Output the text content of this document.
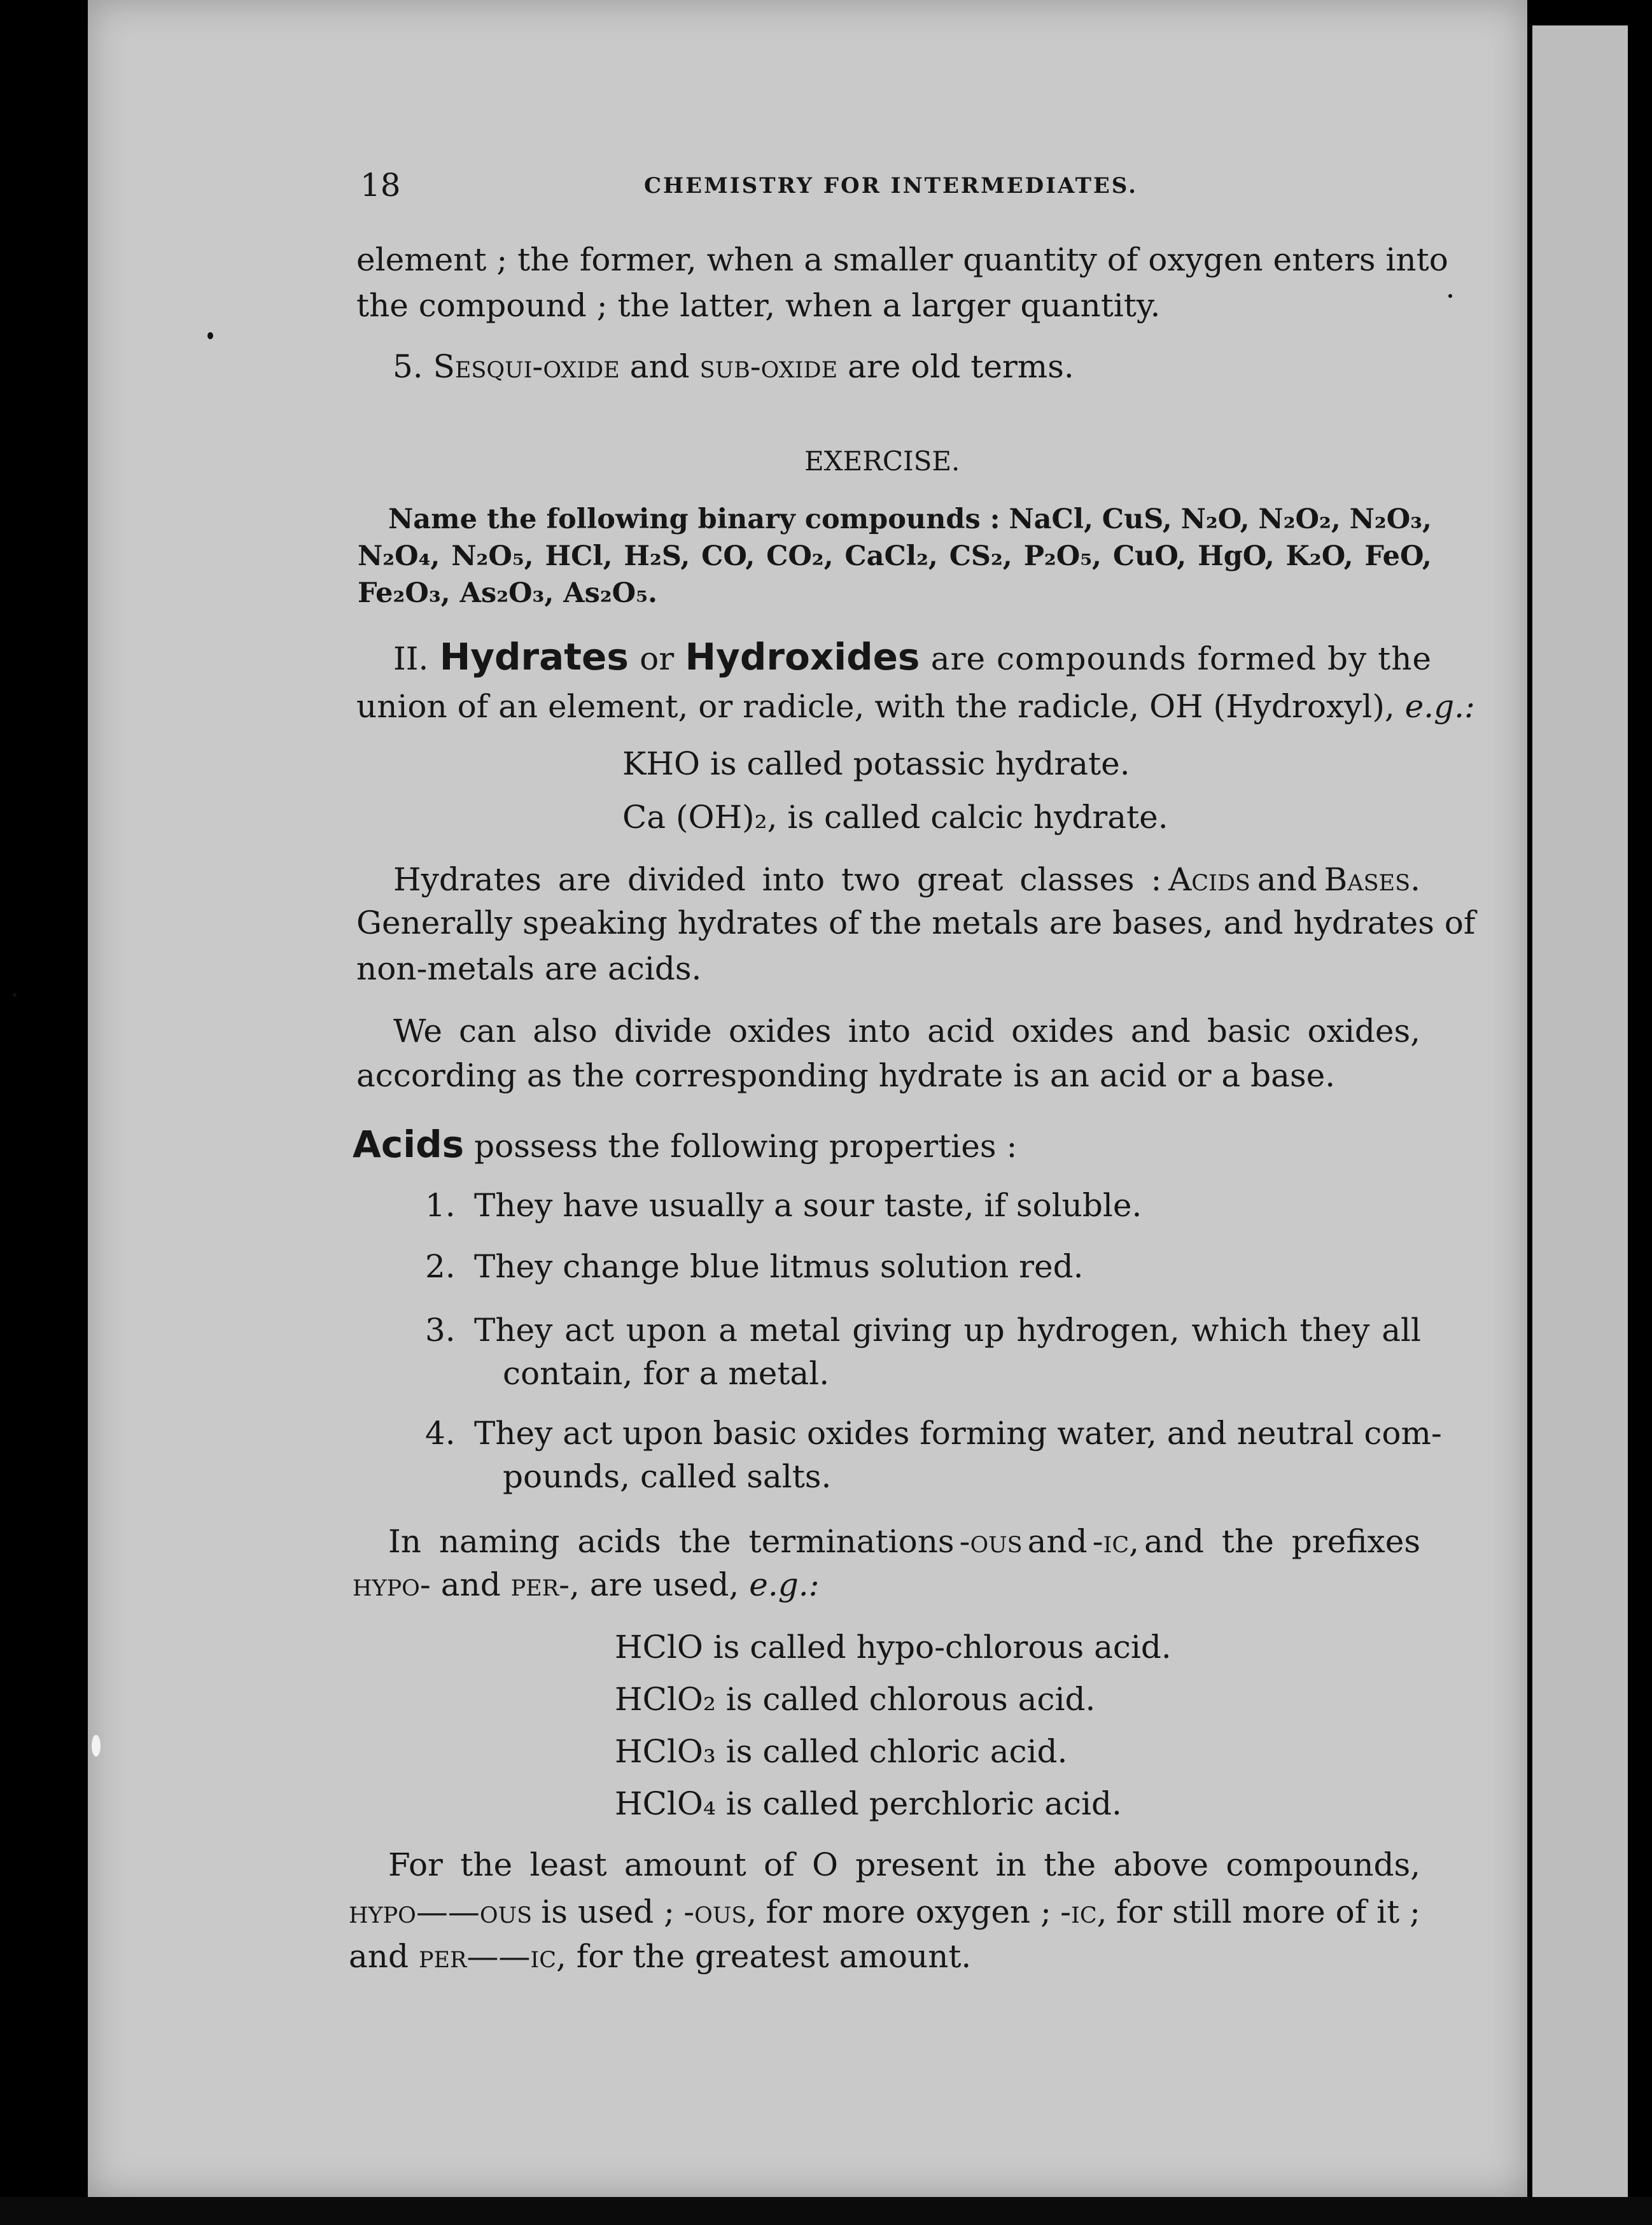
18	CHEMISTRY FOR INTERMEDIATES.
element ; the former, when a smaller quantity of oxygen enters into
the compound ; the latter, when a larger quantity.
5. Sesqui-oxide and sub-oxide are old terms.
EXERCISE.
Name the following binary compounds : NaCl, CuS, N₂O, N₂O₂, N₂O₃,
N₂O₄, N₂O₅, HCl, H₂S, CO, CO₂, CaCl₂, CS₂, P₂O₅, CuO, HgO, K₂O, FeO,
Fe₂O₃, As₂O₃, As₂O₅.
II. Hydrates or Hydroxides are compounds formed by the
union of an element, or radicle, with the radicle, OH (Hydroxyl), e.g.:
KHO is called potassic hydrate.
Ca (OH)₂, is called calcic hydrate.
Hydrates are divided into two great classes : Acids and Bases.
Generally speaking hydrates of the metals are bases, and hydrates of
non-metals are acids.
We can also divide oxides into acid oxides and basic oxides,
according as the corresponding hydrate is an acid or a base.
Acids possess the following properties :
1. They have usually a sour taste, if soluble.
2. They change blue litmus solution red.
3. They act upon a metal giving up hydrogen, which they all
contain, for a metal.
4. They act upon basic oxides forming water, and neutral com-
pounds, called salts.
In naming acids the terminations -ous and -ic, and the prefixes
hypo- and per-, are used, e.g.:
HClO is called hypo-chlorous acid.
HClO₂ is called chlorous acid.
HClO₃ is called chloric acid.
HClO₄ is called perchloric acid.
For the least amount of O present in the above compounds,
hypo——ous is used ; -ous, for more oxygen ; -ic, for still more of it ;
and per——ic, for the greatest amount.
